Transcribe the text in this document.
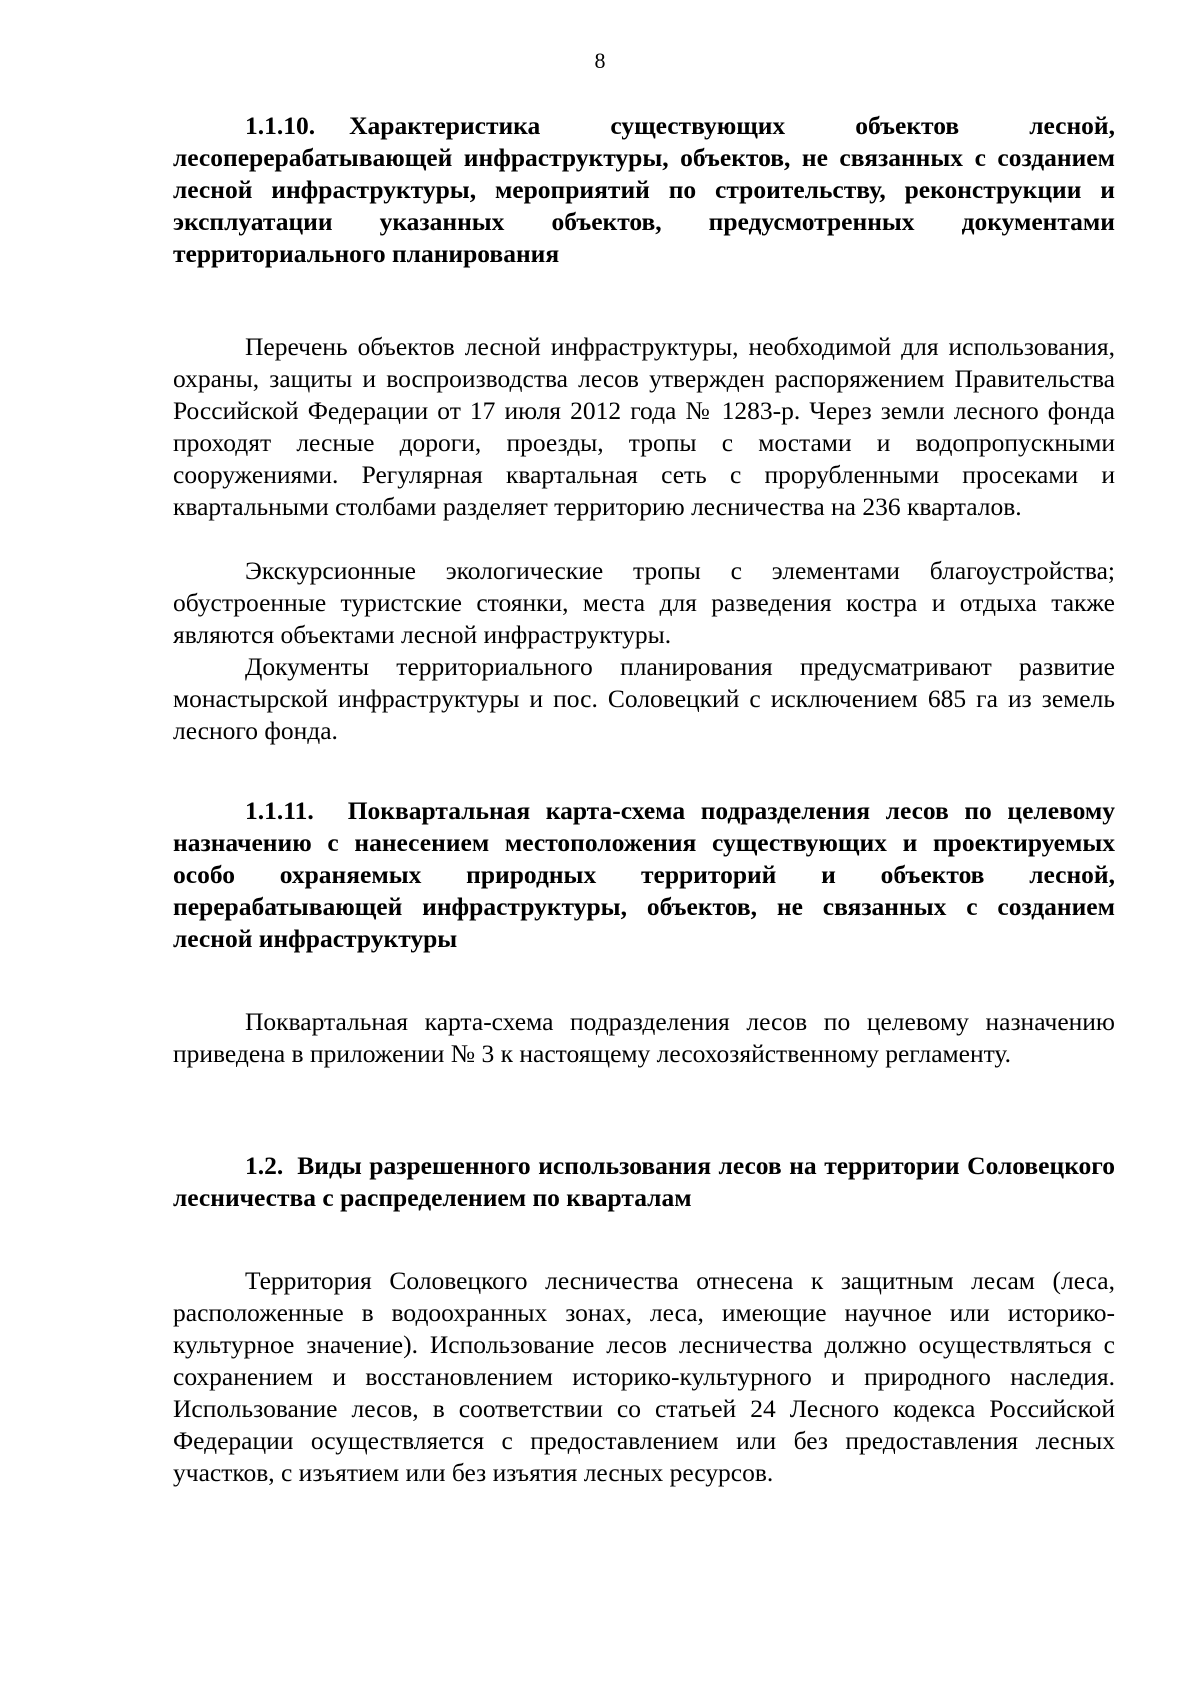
8

1.1.10. Характеристика существующих объектов лесной, лесоперерабатывающей инфраструктуры, объектов, не связанных с созданием лесной инфраструктуры, мероприятий по строительству, реконструкции и эксплуатации указанных объектов, предусмотренных документами территориального планирования

Перечень объектов лесной инфраструктуры, необходимой для использования, охраны, защиты и воспроизводства лесов утвержден распоряжением Правительства Российской Федерации от 17 июля 2012 года № 1283-р. Через земли лесного фонда проходят лесные дороги, проезды, тропы с мостами и водопропускными сооружениями. Регулярная квартальная сеть с прорубленными просеками и квартальными столбами разделяет территорию лесничества на 236 кварталов.

Экскурсионные экологические тропы с элементами благоустройства; обустроенные туристские стоянки, места для разведения костра и отдыха также являются объектами лесной инфраструктуры.

Документы территориального планирования предусматривают развитие монастырской инфраструктуры и пос. Соловецкий с исключением 685 га из земель лесного фонда.

1.1.11. Поквартальная карта-схема подразделения лесов по целевому назначению с нанесением местоположения существующих и проектируемых особо охраняемых природных территорий и объектов лесной, перерабатывающей инфраструктуры, объектов, не связанных с созданием лесной инфраструктуры

Поквартальная карта-схема подразделения лесов по целевому назначению приведена в приложении № 3 к настоящему лесохозяйственному регламенту.

1.2. Виды разрешенного использования лесов на территории Соловецкого лесничества с распределением по кварталам

Территория Соловецкого лесничества отнесена к защитным лесам (леса, расположенные в водоохранных зонах, леса, имеющие научное или историко-культурное значение). Использование лесов лесничества должно осуществляться с сохранением и восстановлением историко-культурного и природного наследия. Использование лесов, в соответствии со статьей 24 Лесного кодекса Российской Федерации осуществляется с предоставлением или без предоставления лесных участков, с изъятием или без изъятия лесных ресурсов.
